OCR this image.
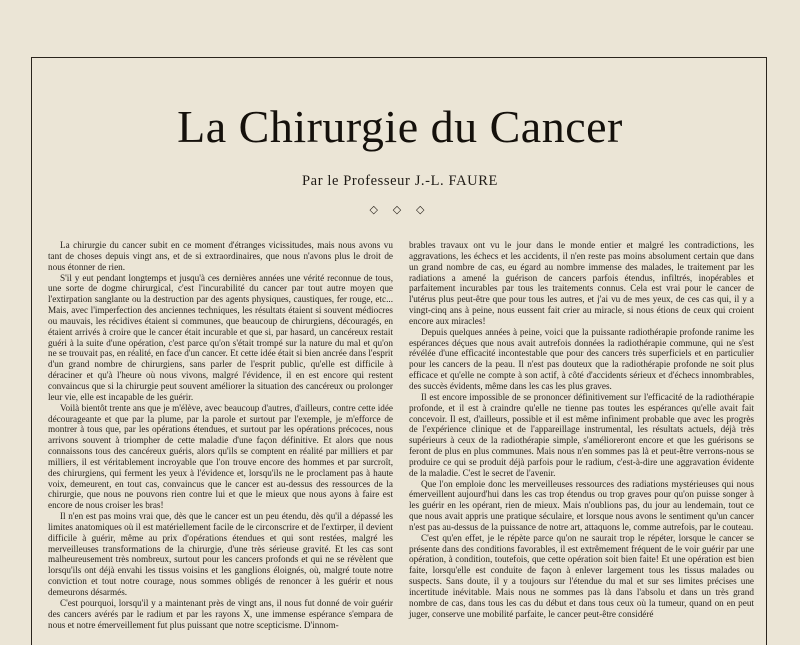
La Chirurgie du Cancer
Par le Professeur J.-L. FAURE
◇ ◇ ◇

La chirurgie du cancer subit en ce moment d'étranges vicissitudes, mais nous avons vu tant de choses depuis vingt ans, et de si extraordinaires, que nous n'avons plus le droit de nous étonner de rien.

S'il y eut pendant longtemps et jusqu'à ces dernières années une vérité reconnue de tous, une sorte de dogme chirurgical, c'est l'incurabilité du cancer par tout autre moyen que l'extirpation sanglante ou la destruction par des agents physiques, caustiques, fer rouge, etc... Mais, avec l'imperfection des anciennes techniques, les résultats étaient si souvent médiocres ou mauvais, les récidives étaient si communes, que beaucoup de chirurgiens, découragés, en étaient arrivés à croire que le cancer était incurable et que si, par hasard, un cancéreux restait guéri à la suite d'une opération, c'est parce qu'on s'était trompé sur la nature du mal et qu'on ne se trouvait pas, en réalité, en face d'un cancer. Et cette idée était si bien ancrée dans l'esprit d'un grand nombre de chirurgiens, sans parler de l'esprit public, qu'elle est difficile à déraciner et qu'à l'heure où nous vivons, malgré l'évidence, il en est encore qui restent convaincus que si la chirurgie peut souvent améliorer la situation des cancéreux ou prolonger leur vie, elle est incapable de les guérir.

Voilà bientôt trente ans que je m'élève, avec beaucoup d'autres, d'ailleurs, contre cette idée décourageante et que par la plume, par la parole et surtout par l'exemple, je m'efforce de montrer à tous que, par les opérations étendues, et surtout par les opérations précoces, nous arrivons souvent à triompher de cette maladie d'une façon définitive. Et alors que nous connaissons tous des cancéreux guéris, alors qu'ils se comptent en réalité par milliers et par milliers, il est véritablement incroyable que l'on trouve encore des hommes et par surcroît, des chirurgiens, qui ferment les yeux à l'évidence et, lorsqu'ils ne le proclament pas à haute voix, demeurent, en tout cas, convaincus que le cancer est au-dessus des ressources de la chirurgie, que nous ne pouvons rien contre lui et que le mieux que nous ayons à faire est encore de nous croiser les bras!

Il n'en est pas moins vrai que, dès que le cancer est un peu étendu, dès qu'il a dépassé les limites anatomiques où il est matériellement facile de le circonscrire et de l'extirper, il devient difficile à guérir, même au prix d'opérations étendues et qui sont restées, malgré les merveilleuses transformations de la chirurgie, d'une très sérieuse gravité. Et les cas sont malheureusement très nombreux, surtout pour les cancers profonds et qui ne se révèlent que lorsqu'ils ont déjà envahi les tissus voisins et les ganglions éloignés, où, malgré toute notre conviction et tout notre courage, nous sommes obligés de renoncer à les guérir et nous demeurons désarmés.

C'est pourquoi, lorsqu'il y a maintenant près de vingt ans, il nous fut donné de voir guérir des cancers avérés par le radium et par les rayons X, une immense espérance s'empara de nous et notre émerveillement fut plus puissant que notre scepticisme. D'innom-

brables travaux ont vu le jour dans le monde entier et malgré les contradictions, les aggravations, les échecs et les accidents, il n'en reste pas moins absolument certain que dans un grand nombre de cas, eu égard au nombre immense des malades, le traitement par les radiations a amené la guérison de cancers parfois étendus, infiltrés, inopérables et parfaitement incurables par tous les traitements connus. Cela est vrai pour le cancer de l'utérus plus peut-être que pour tous les autres, et j'ai vu de mes yeux, de ces cas qui, il y a vingt-cinq ans à peine, nous eussent fait crier au miracle, si nous étions de ceux qui croient encore aux miracles!

Depuis quelques années à peine, voici que la puissante radiothérapie profonde ranime les espérances déçues que nous avait autrefois données la radiothérapie commune, qui ne s'est révélée d'une efficacité incontestable que pour des cancers très superficiels et en particulier pour les cancers de la peau. Il n'est pas douteux que la radiothérapie profonde ne soit plus efficace et qu'elle ne compte à son actif, à côté d'accidents sérieux et d'échecs innombrables, des succès évidents, même dans les cas les plus graves.

Il est encore impossible de se prononcer définitivement sur l'efficacité de la radiothérapie profonde, et il est à craindre qu'elle ne tienne pas toutes les espérances qu'elle avait fait concevoir. Il est, d'ailleurs, possible et il est même infiniment probable que avec les progrès de l'expérience clinique et de l'appareillage instrumental, les résultats actuels, déjà très supérieurs à ceux de la radiothérapie simple, s'amélioreront encore et que les guérisons se feront de plus en plus communes. Mais nous n'en sommes pas là et peut-être verrons-nous se produire ce qui se produit déjà parfois pour le radium, c'est-à-dire une aggravation évidente de la maladie. C'est le secret de l'avenir.

Que l'on emploie donc les merveilleuses ressources des radiations mystérieuses qui nous émerveillent aujourd'hui dans les cas trop étendus ou trop graves pour qu'on puisse songer à les guérir en les opérant, rien de mieux. Mais n'oublions pas, du jour au lendemain, tout ce que nous avait appris une pratique séculaire, et lorsque nous avons le sentiment qu'un cancer n'est pas au-dessus de la puissance de notre art, attaquons le, comme autrefois, par le couteau.

C'est qu'en effet, je le répète parce qu'on ne saurait trop le répéter, lorsque le cancer se présente dans des conditions favorables, il est extrêmement fréquent de le voir guérir par une opération, à condition, toutefois, que cette opération soit bien faite! Et une opération est bien faite, lorsqu'elle est conduite de façon à enlever largement tous les tissus malades ou suspects. Sans doute, il y a toujours sur l'étendue du mal et sur ses limites précises une incertitude inévitable. Mais nous ne sommes pas là dans l'absolu et dans un très grand nombre de cas, dans tous les cas du début et dans tous ceux où la tumeur, quand on en peut juger, conserve une mobilité parfaite, le cancer peut-être considéré
